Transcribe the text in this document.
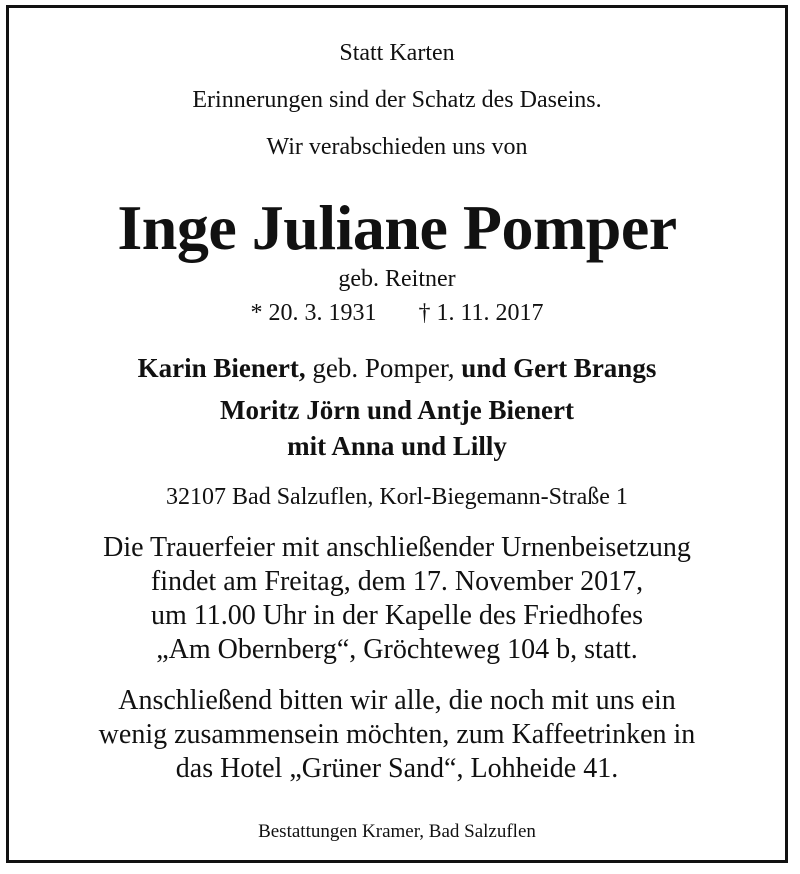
Statt Karten
Erinnerungen sind der Schatz des Daseins.
Wir verabschieden uns von
Inge Juliane Pomper
geb. Reitner
* 20. 3. 1931 † 1. 11. 2017
Karin Bienert, geb. Pomper, und Gert Brangs
Moritz Jörn und Antje Bienert
mit Anna und Lilly
32107 Bad Salzuflen, Korl-Biegemann-Straße 1
Die Trauerfeier mit anschließender Urnenbeisetzung
findet am Freitag, dem 17. November 2017,
um 11.00 Uhr in der Kapelle des Friedhofes
„Am Obernberg“, Gröchteweg 104 b, statt.
Anschließend bitten wir alle, die noch mit uns ein
wenig zusammensein möchten, zum Kaffeetrinken in
das Hotel „Grüner Sand“, Lohheide 41.
Bestattungen Kramer, Bad Salzuflen
